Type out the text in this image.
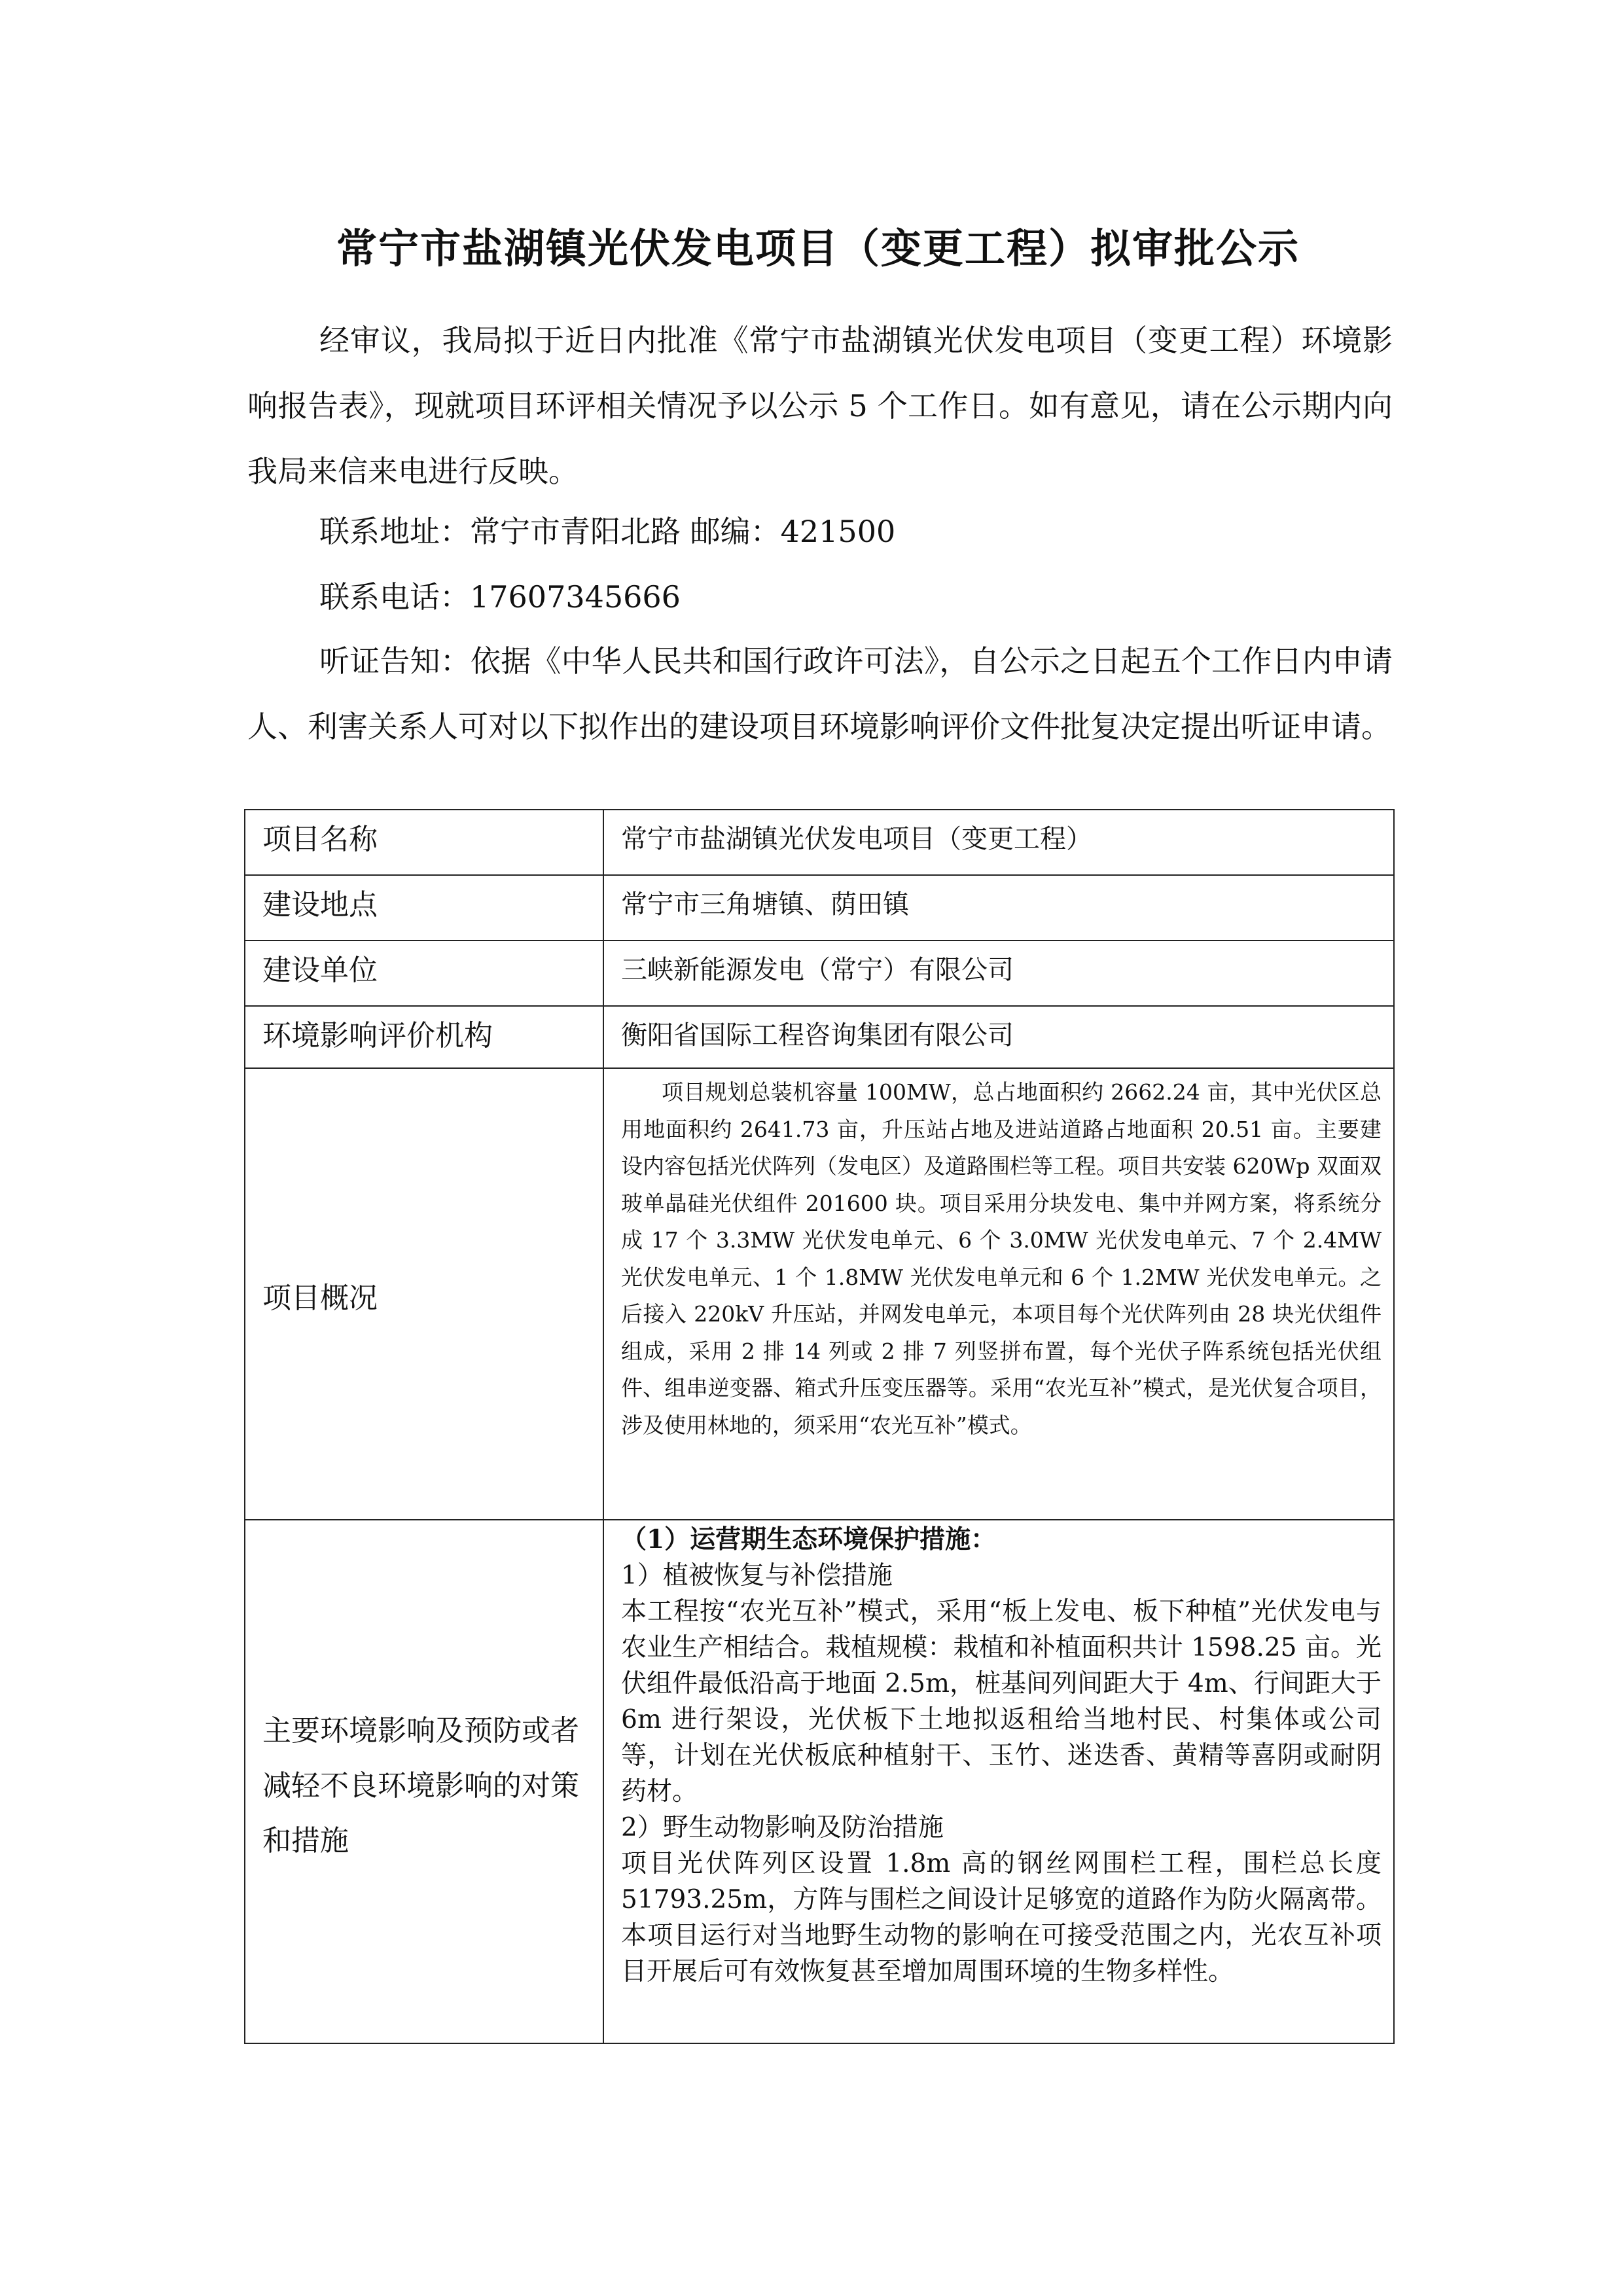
常宁市盐湖镇光伏发电项目（变更工程）拟审批公示

经审议，我局拟于近日内批准《常宁市盐湖镇光伏发电项目（变更工程）环境影响报告表》，现就项目环评相关情况予以公示 5 个工作日。如有意见，请在公示期内向我局来信来电进行反映。

联系地址：常宁市青阳北路 邮编：421500
联系电话：17607345666

听证告知：依据《中华人民共和国行政许可法》，自公示之日起五个工作日内申请人、利害关系人可对以下拟作出的建设项目环境影响评价文件批复决定提出听证申请。

项目名称	常宁市盐湖镇光伏发电项目（变更工程）
建设地点	常宁市三角塘镇、荫田镇
建设单位	三峡新能源发电（常宁）有限公司
环境影响评价机构	衡阳省国际工程咨询集团有限公司
项目概况	项目规划总装机容量 100MW，总占地面积约 2662.24 亩，其中光伏区总用地面积约 2641.73 亩，升压站占地及进站道路占地面积 20.51 亩。主要建设内容包括光伏阵列（发电区）及道路围栏等工程。项目共安装 620Wp 双面双玻单晶硅光伏组件 201600 块。项目采用分块发电、集中并网方案，将系统分成 17 个 3.3MW 光伏发电单元、6 个 3.0MW 光伏发电单元、7 个 2.4MW 光伏发电单元、1 个 1.8MW 光伏发电单元和 6 个 1.2MW 光伏发电单元。之后接入 220kV 升压站，并网发电单元，本项目每个光伏阵列由 28 块光伏组件组成，采用 2 排 14 列或 2 排 7 列竖拼布置，每个光伏子阵系统包括光伏组件、组串逆变器、箱式升压变压器等。采用“农光互补”模式，是光伏复合项目，涉及使用林地的，须采用“农光互补”模式。

主要环境影响及预防或者减轻不良环境影响的对策和措施	（1）运营期生态环境保护措施：

1）植被恢复与补偿措施

本工程按“农光互补”模式，采用“板上发电、板下种植”光伏发电与农业生产相结合。栽植规模：栽植和补植面积共计 1598.25 亩。光伏组件最低沿高于地面 2.5m，桩基间列间距大于 4m、行间距大于 6m 进行架设，光伏板下土地拟返租给当地村民、村集体或公司等，计划在光伏板底种植射干、玉竹、迷迭香、黄精等喜阴或耐阴药材。

2）野生动物影响及防治措施

项目光伏阵列区设置 1.8m 高的钢丝网围栏工程，围栏总长度 51793.25m，方阵与围栏之间设计足够宽的道路作为防火隔离带。本项目运行对当地野生动物的影响在可接受范围之内，光农互补项目开展后可有效恢复甚至增加周围环境的生物多样性。
